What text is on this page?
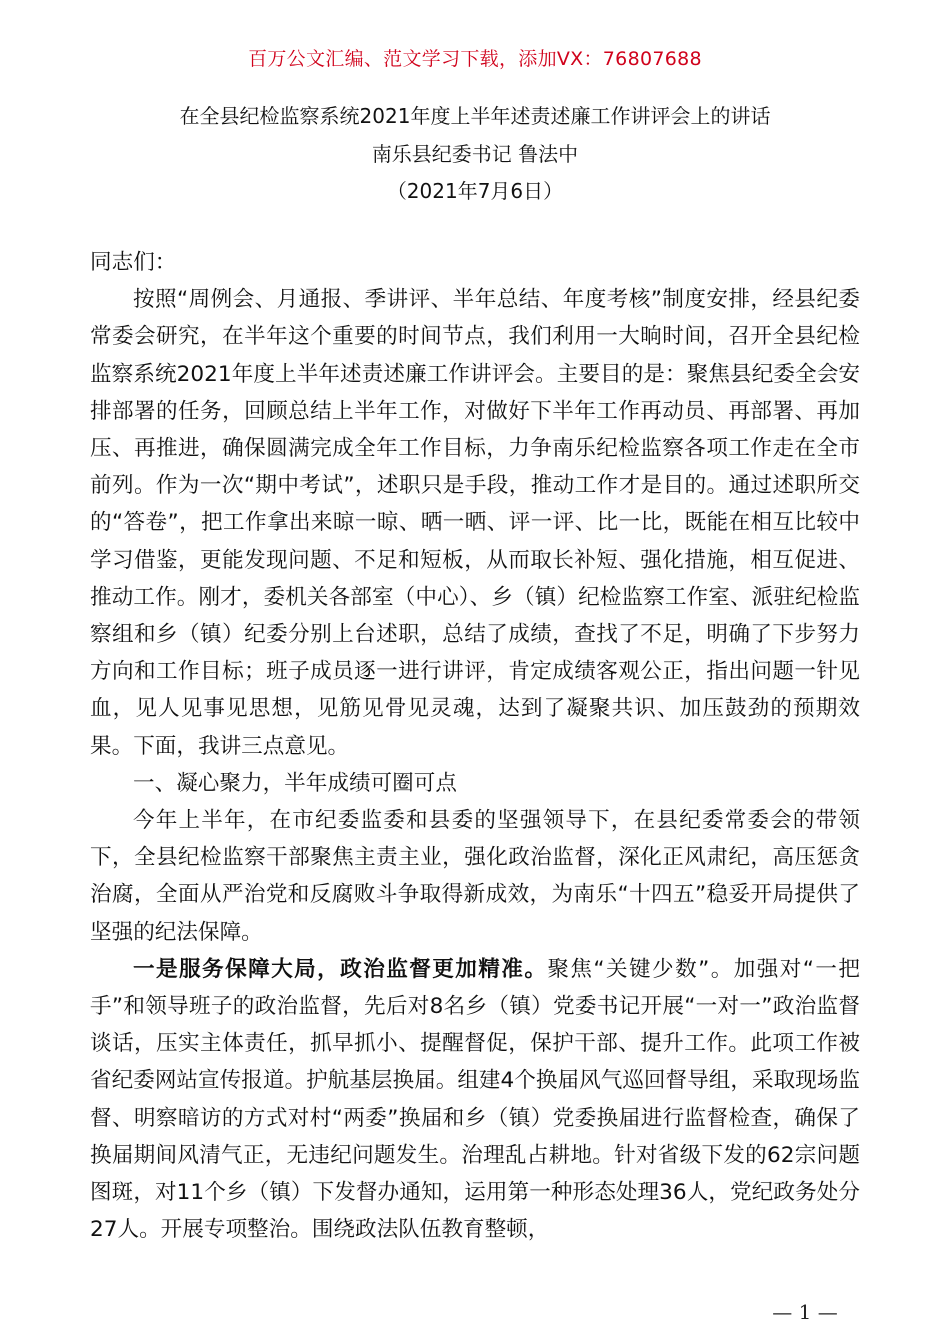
百万公文汇编、范文学习下载，添加VX：76807688
在全县纪检监察系统2021年度上半年述责述廉工作讲评会上的讲话
南乐县纪委书记 鲁法中
（2021年7月6日）

同志们：

按照“周例会、月通报、季讲评、半年总结、年度考核”制度安排，经县纪委常委会研究，在半年这个重要的时间节点，我们利用一大晌时间，召开全县纪检监察系统2021年度上半年述责述廉工作讲评会。主要目的是：聚焦县纪委全会安排部署的任务，回顾总结上半年工作，对做好下半年工作再动员、再部署、再加压、再推进，确保圆满完成全年工作目标，力争南乐纪检监察各项工作走在全市前列。作为一次“期中考试”，述职只是手段，推动工作才是目的。通过述职所交的“答卷”，把工作拿出来晾一晾、晒一晒、评一评、比一比，既能在相互比较中学习借鉴，更能发现问题、不足和短板，从而取长补短、强化措施，相互促进、推动工作。刚才，委机关各部室（中心）、乡（镇）纪检监察工作室、派驻纪检监察组和乡（镇）纪委分别上台述职，总结了成绩，查找了不足，明确了下步努力方向和工作目标；班子成员逐一进行讲评，肯定成绩客观公正，指出问题一针见血，见人见事见思想，见筋见骨见灵魂，达到了凝聚共识、加压鼓劲的预期效果。下面，我讲三点意见。

一、凝心聚力，半年成绩可圈可点

今年上半年，在市纪委监委和县委的坚强领导下，在县纪委常委会的带领下，全县纪检监察干部聚焦主责主业，强化政治监督，深化正风肃纪，高压惩贪治腐，全面从严治党和反腐败斗争取得新成效，为南乐“十四五”稳妥开局提供了坚强的纪法保障。

一是服务保障大局，政治监督更加精准。聚焦“关键少数”。加强对“一把手”和领导班子的政治监督，先后对8名乡（镇）党委书记开展“一对一”政治监督谈话，压实主体责任，抓早抓小、提醒督促，保护干部、提升工作。此项工作被省纪委网站宣传报道。护航基层换届。组建4个换届风气巡回督导组，采取现场监督、明察暗访的方式对村“两委”换届和乡（镇）党委换届进行监督检查，确保了换届期间风清气正，无违纪问题发生。治理乱占耕地。针对省级下发的62宗问题图斑，对11个乡（镇）下发督办通知，运用第一种形态处理36人，党纪政务处分27人。开展专项整治。围绕政法队伍教育整顿，

— 1 —
